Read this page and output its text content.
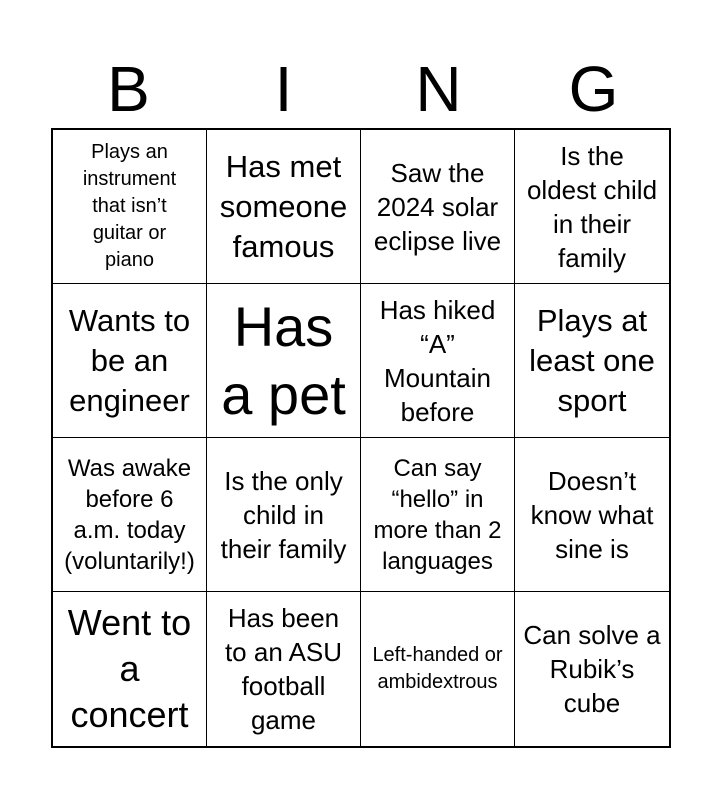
B	I	N	G
Plays an instrument that isn’t guitar or piano
Has met someone famous
Saw the 2024 solar eclipse live
Is the oldest child in their family
Wants to be an engineer
Has a pet
Has hiked “A” Mountain before
Plays at least one sport
Was awake before 6 a.m. today (voluntarily!)
Is the only child in their family
Can say “hello” in more than 2 languages
Doesn’t know what sine is
Went to a concert
Has been to an ASU football game
Left-handed or ambidextrous
Can solve a Rubik’s cube
